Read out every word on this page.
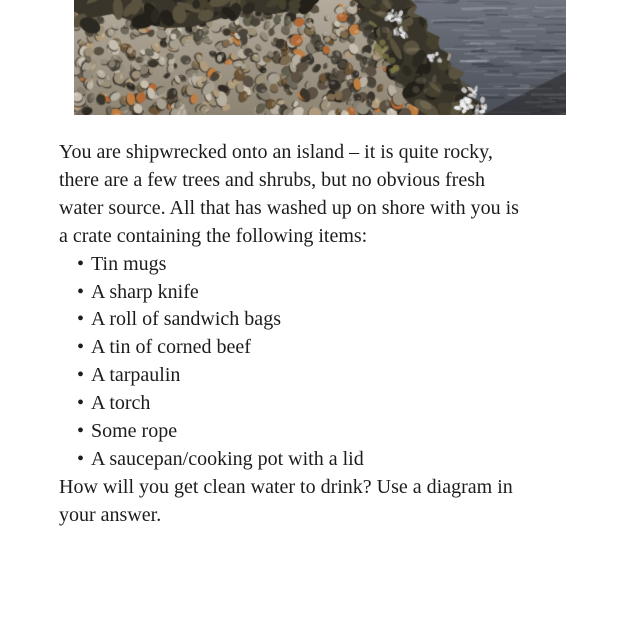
You are shipwrecked onto an island – it is quite rocky,
there are a few trees and shrubs, but no obvious fresh
water source. All that has washed up on shore with you is
a crate containing the following items:
• Tin mugs
• A sharp knife
• A roll of sandwich bags
• A tin of corned beef
• A tarpaulin
• A torch
• Some rope
• A saucepan/cooking pot with a lid
How will you get clean water to drink? Use a diagram in
your answer.
